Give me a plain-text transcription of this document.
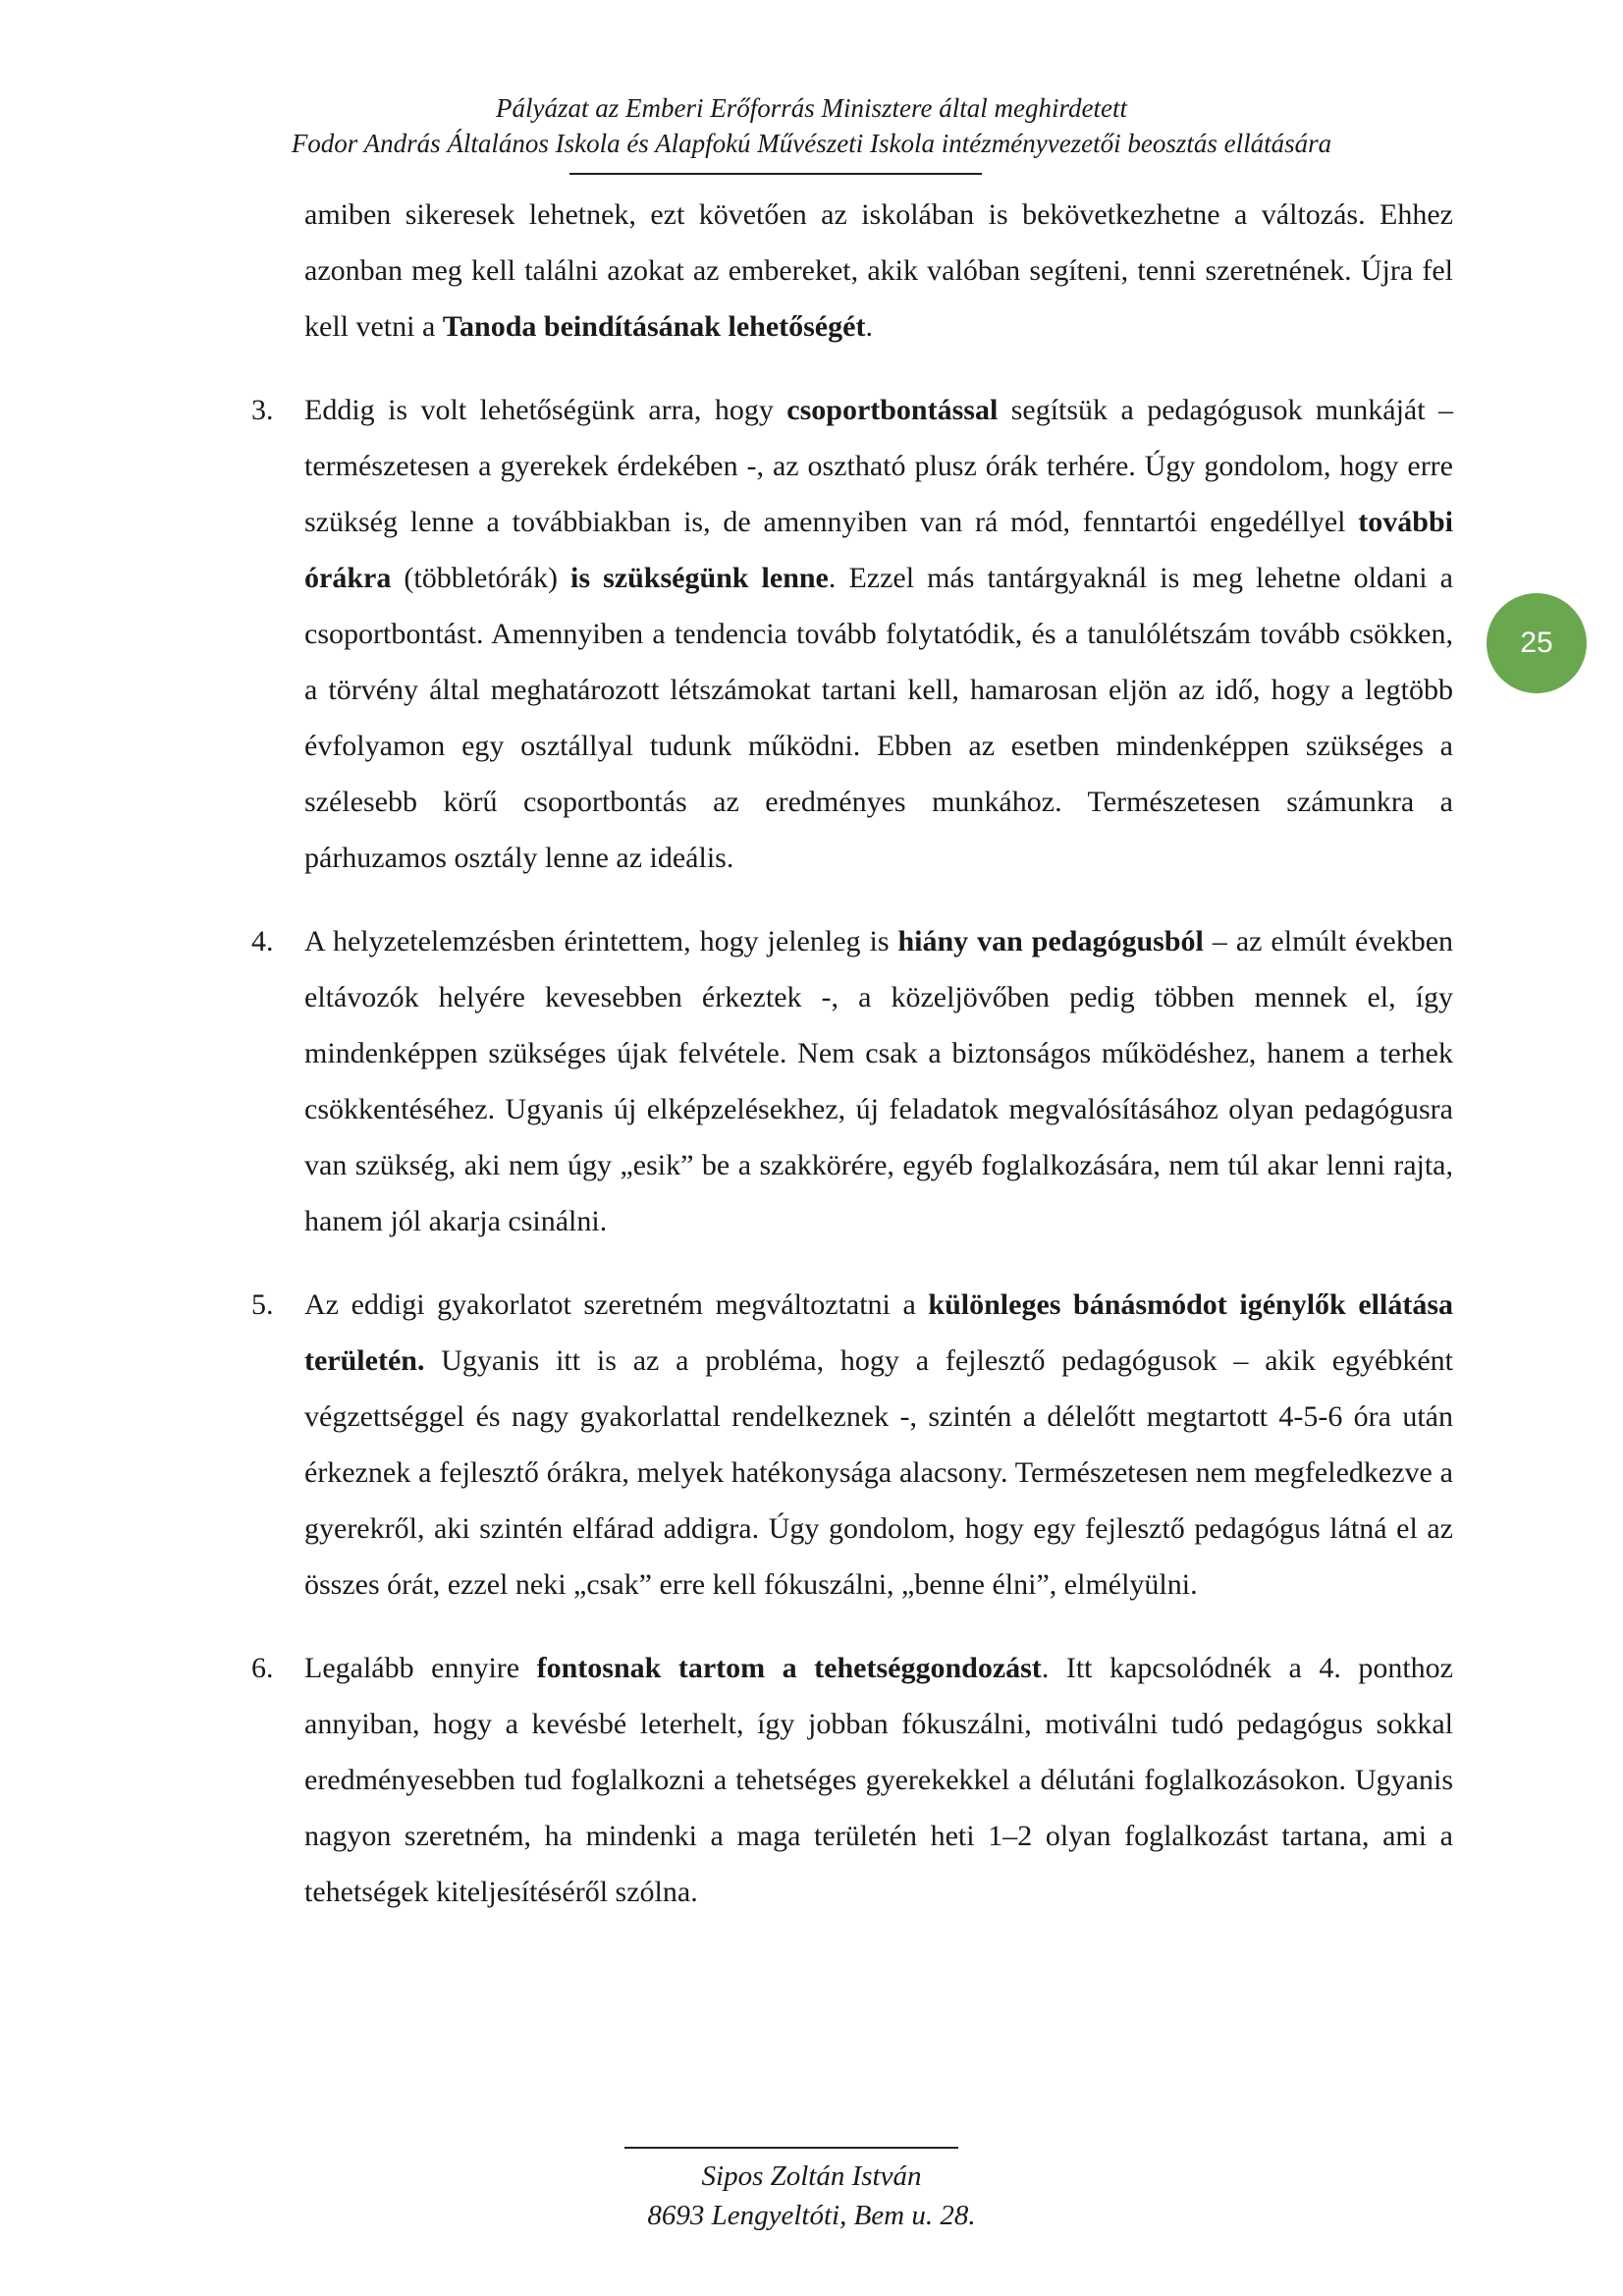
Pályázat az Emberi Erőforrás Minisztere által meghirdetett
Fodor András Általános Iskola és Alapfokú Művészeti Iskola intézményvezetői beosztás ellátására

amiben sikeresek lehetnek, ezt követően az iskolában is bekövetkezhetne a változás. Ehhez azonban meg kell találni azokat az embereket, akik valóban segíteni, tenni szeretnének. Újra fel kell vetni a Tanoda beindításának lehetőségét.

3.	Eddig is volt lehetőségünk arra, hogy csoportbontással segítsük a pedagógusok munkáját – természetesen a gyerekek érdekében -, az osztható plusz órák terhére. Úgy gondolom, hogy erre szükség lenne a továbbiakban is, de amennyiben van rá mód, fenntartói engedéllyel további órákra (többletórák) is szükségünk lenne. Ezzel más tantárgyaknál is meg lehetne oldani a csoportbontást. Amennyiben a tendencia tovább folytatódik, és a tanulólétszám tovább csökken, a törvény által meghatározott létszámokat tartani kell, hamarosan eljön az idő, hogy a legtöbb évfolyamon egy osztállyal tudunk működni. Ebben az esetben mindenképpen szükséges a szélesebb körű csoportbontás az eredményes munkához. Természetesen számunkra a párhuzamos osztály lenne az ideális.
4.	A helyzetelemzésben érintettem, hogy jelenleg is hiány van pedagógusból – az elmúlt években eltávozók helyére kevesebben érkeztek -, a közeljövőben pedig többen mennek el, így mindenképpen szükséges újak felvétele. Nem csak a biztonságos működéshez, hanem a terhek csökkentéséhez. Ugyanis új elképzelésekhez, új feladatok megvalósításához olyan pedagógusra van szükség, aki nem úgy „esik” be a szakkörére, egyéb foglalkozására, nem túl akar lenni rajta, hanem jól akarja csinálni.
5.	Az eddigi gyakorlatot szeretném megváltoztatni a különleges bánásmódot igénylők ellátása területén. Ugyanis itt is az a probléma, hogy a fejlesztő pedagógusok – akik egyébként végzettséggel és nagy gyakorlattal rendelkeznek -, szintén a délelőtt megtartott 4-5-6 óra után érkeznek a fejlesztő órákra, melyek hatékonysága alacsony. Természetesen nem megfeledkezve a gyerekről, aki szintén elfárad addigra. Úgy gondolom, hogy egy fejlesztő pedagógus látná el az összes órát, ezzel neki „csak” erre kell fókuszálni, „benne élni”, elmélyülni.
6.	Legalább ennyire fontosnak tartom a tehetséggondozást. Itt kapcsolódnék a 4. ponthoz annyiban, hogy a kevésbé leterhelt, így jobban fókuszálni, motiválni tudó pedagógus sokkal eredményesebben tud foglalkozni a tehetséges gyerekekkel a délutáni foglalkozásokon. Ugyanis nagyon szeretném, ha mindenki a maga területén heti 1–2 olyan foglalkozást tartana, ami a tehetségek kiteljesítéséről szólna.
25
Sipos Zoltán István
8693 Lengyeltóti, Bem u. 28.
